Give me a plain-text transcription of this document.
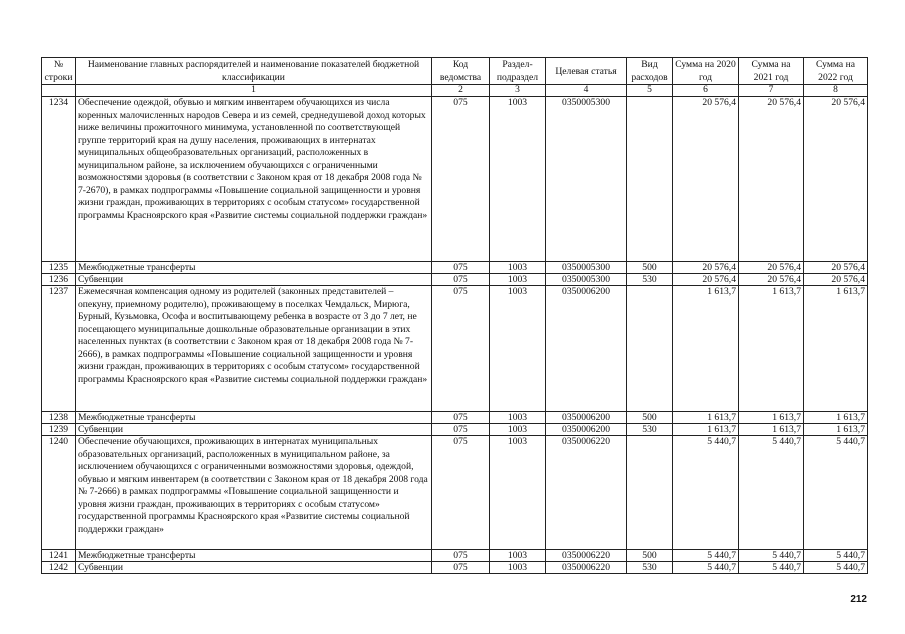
№ строки	Наименование главных распорядителей и наименование показателей бюджетной классификации	Код ведомства	Раздел-подраздел	Целевая статья	Вид расходов	Сумма на 2020 год	Сумма на 2021 год	Сумма на 2022 год
	1	2	3	4	5	6	7	8
1234	Обеспечение одеждой, обувью и мягким инвентарем обучающихся из числа коренных малочисленных народов Севера и из семей, среднедушевой доход которых ниже величины прожиточного минимума, установленной по соответствующей группе территорий края на душу населения, проживающих в интернатах муниципальных общеобразовательных организаций, расположенных в муниципальном районе, за исключением обучающихся с ограниченными возможностями здоровья (в соответствии с Законом края от 18 декабря 2008 года № 7-2670), в рамках подпрограммы «Повышение социальной защищенности и уровня жизни граждан, проживающих в территориях с особым статусом» государственной программы Красноярского края «Развитие системы социальной поддержки граждан»	075	1003	0350005300		20 576,4	20 576,4	20 576,4
1235	Межбюджетные трансферты	075	1003	0350005300	500	20 576,4	20 576,4	20 576,4
1236	Субвенции	075	1003	0350005300	530	20 576,4	20 576,4	20 576,4
1237	Ежемесячная компенсация одному из родителей (законных представителей – опекуну, приемному родителю), проживающему в поселках Чемдальск, Мирюга, Бурный, Кузьмовка, Ософа и воспитывающему ребенка в возрасте от 3 до 7 лет, не посещающего муниципальные дошкольные образовательные организации в этих населенных пунктах (в соответствии с Законом края от 18 декабря 2008 года № 7-2666), в рамках подпрограммы «Повышение социальной защищенности и уровня жизни граждан, проживающих в территориях с особым статусом» государственной программы Красноярского края «Развитие системы социальной поддержки граждан»	075	1003	0350006200		1 613,7	1 613,7	1 613,7
1238	Межбюджетные трансферты	075	1003	0350006200	500	1 613,7	1 613,7	1 613,7
1239	Субвенции	075	1003	0350006200	530	1 613,7	1 613,7	1 613,7
1240	Обеспечение обучающихся, проживающих в интернатах муниципальных образовательных организаций, расположенных в муниципальном районе, за исключением обучающихся с ограниченными возможностями здоровья, одеждой, обувью и мягким инвентарем (в соответствии с Законом края от 18 декабря 2008 года № 7-2666) в рамках подпрограммы «Повышение социальной защищенности и уровня жизни граждан, проживающих в территориях с особым статусом» государственной программы Красноярского края «Развитие системы социальной поддержки граждан»	075	1003	0350006220		5 440,7	5 440,7	5 440,7
1241	Межбюджетные трансферты	075	1003	0350006220	500	5 440,7	5 440,7	5 440,7
1242	Субвенции	075	1003	0350006220	530	5 440,7	5 440,7	5 440,7
212
